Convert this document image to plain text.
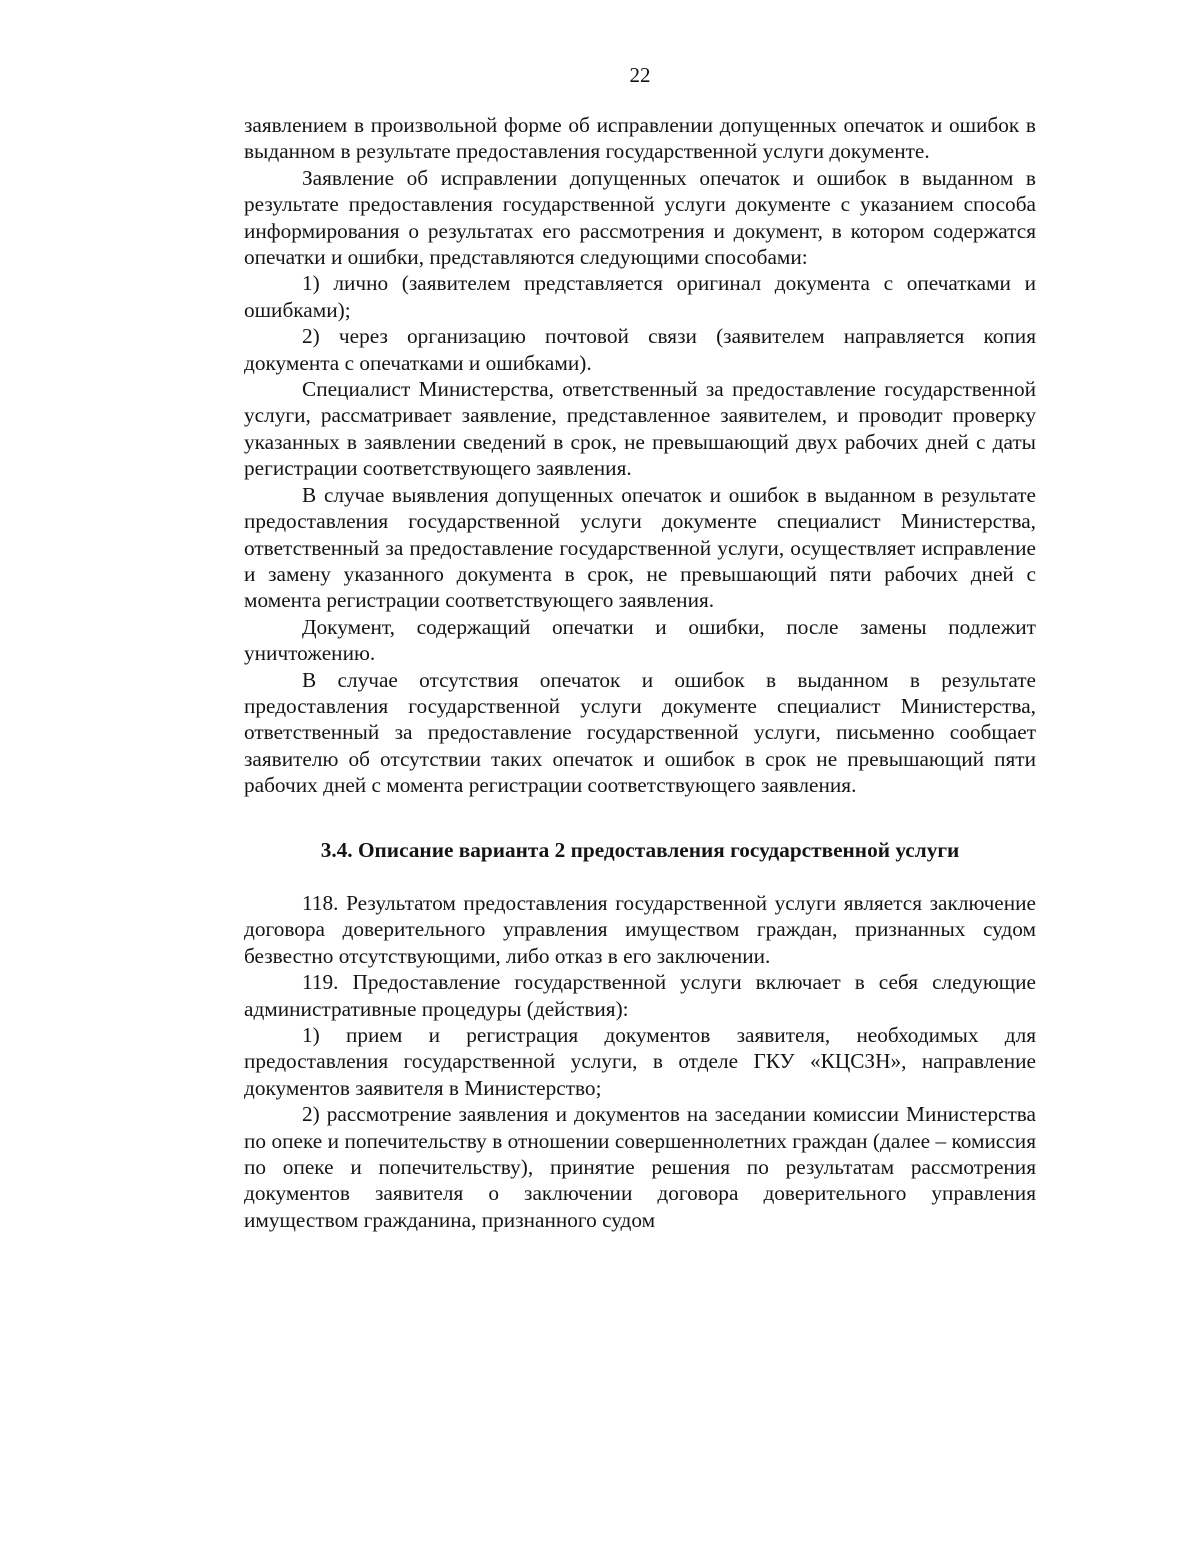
22

заявлением в произвольной форме об исправлении допущенных опечаток и ошибок в выданном в результате предоставления государственной услуги документе.

Заявление об исправлении допущенных опечаток и ошибок в выданном в результате предоставления государственной услуги документе с указанием способа информирования о результатах его рассмотрения и документ, в котором содержатся опечатки и ошибки, представляются следующими способами:

1) лично (заявителем представляется оригинал документа с опечатками и ошибками);

2) через организацию почтовой связи (заявителем направляется копия документа с опечатками и ошибками).

Специалист Министерства, ответственный за предоставление государственной услуги, рассматривает заявление, представленное заявителем, и проводит проверку указанных в заявлении сведений в срок, не превышающий двух рабочих дней с даты регистрации соответствующего заявления.

В случае выявления допущенных опечаток и ошибок в выданном в результате предоставления государственной услуги документе специалист Министерства, ответственный за предоставление государственной услуги, осуществляет исправление и замену указанного документа в срок, не превышающий пяти рабочих дней с момента регистрации соответствующего заявления.

Документ, содержащий опечатки и ошибки, после замены подлежит уничтожению.

В случае отсутствия опечаток и ошибок в выданном в результате предоставления государственной услуги документе специалист Министерства, ответственный за предоставление государственной услуги, письменно сообщает заявителю об отсутствии таких опечаток и ошибок в срок не превышающий пяти рабочих дней с момента регистрации соответствующего заявления.

3.4. Описание варианта 2 предоставления государственной услуги

118. Результатом предоставления государственной услуги является заключение договора доверительного управления имуществом граждан, признанных судом безвестно отсутствующими, либо отказ в его заключении.

119. Предоставление государственной услуги включает в себя следующие административные процедуры (действия):

1) прием и регистрация документов заявителя, необходимых для предоставления государственной услуги, в отделе ГКУ «КЦСЗН», направление документов заявителя в Министерство;

2) рассмотрение заявления и документов на заседании комиссии Министерства по опеке и попечительству в отношении совершеннолетних граждан (далее – комиссия по опеке и попечительству), принятие решения по результатам рассмотрения документов заявителя о заключении договора доверительного управления имуществом гражданина, признанного судом
